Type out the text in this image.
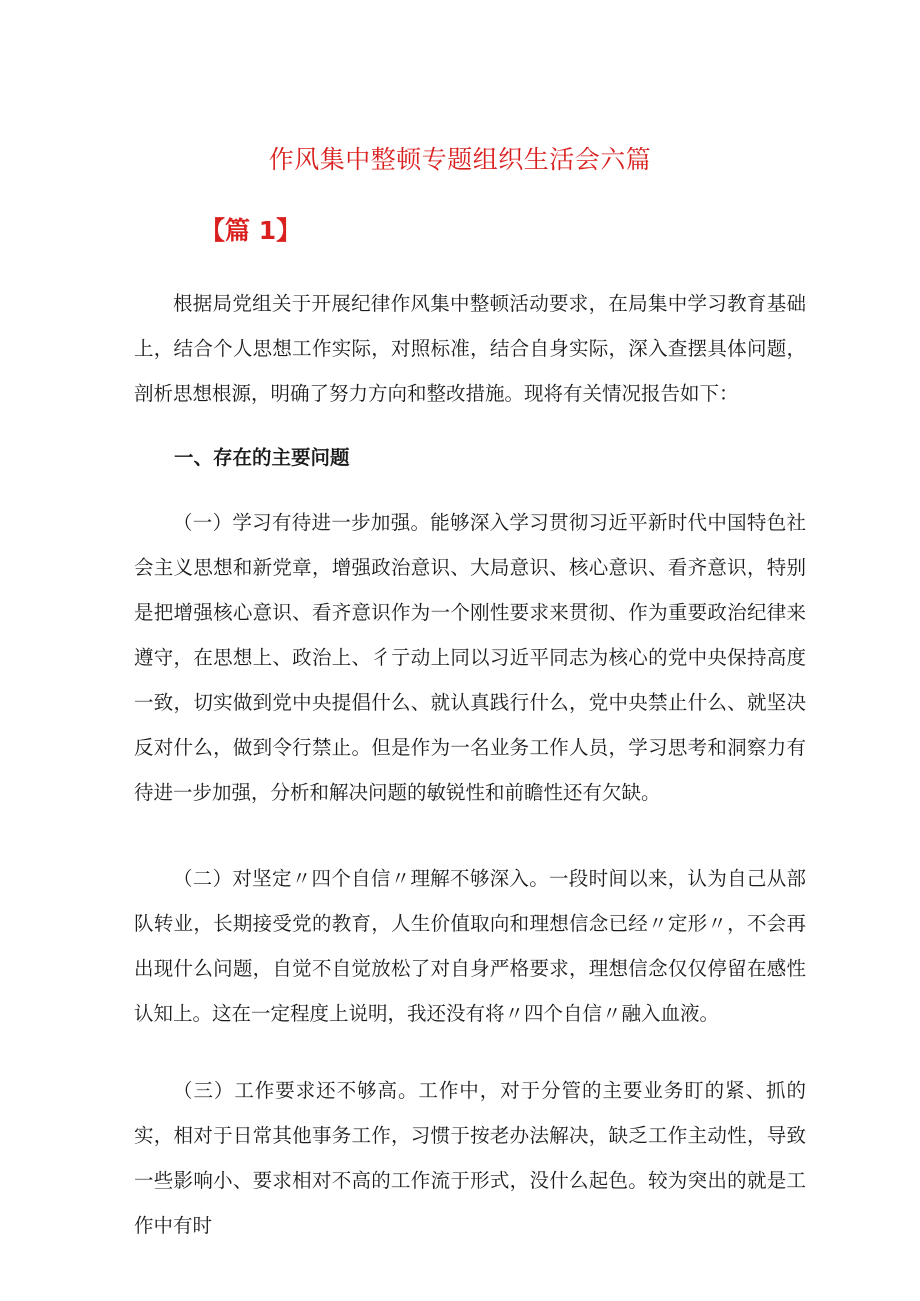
作风集中整顿专题组织生活会六篇
【篇 1】

根据局党组关于开展纪律作风集中整顿活动要求，在局集中学习教育基础上，结合个人思想工作实际，对照标准，结合自身实际，深入查摆具体问题，剖析思想根源，明确了努力方向和整改措施。现将有关情况报告如下：

一、存在的主要问题

（一）学习有待进一步加强。能够深入学习贯彻习近平新时代中国特色社会主义思想和新党章，增强政治意识、大局意识、核心意识、看齐意识，特别是把增强核心意识、看齐意识作为一个刚性要求来贯彻、作为重要政治纪律来遵守，在思想上、政治上、彳亍动上同以习近平同志为核心的党中央保持高度一致，切实做到党中央提倡什么、就认真践行什么，党中央禁止什么、就坚决反对什么，做到令行禁止。但是作为一名业务工作人员，学习思考和洞察力有待进一步加强，分析和解决问题的敏锐性和前瞻性还有欠缺。

（二）对坚定〃四个自信〃理解不够深入。一段时间以来，认为自己从部队转业，长期接受党的教育，人生价值取向和理想信念已经〃定形〃，不会再出现什么问题，自觉不自觉放松了对自身严格要求，理想信念仅仅停留在感性认知上。这在一定程度上说明，我还没有将〃四个自信〃融入血液。

（三）工作要求还不够高。工作中，对于分管的主要业务盯的紧、抓的实，相对于日常其他事务工作，习惯于按老办法解决，缺乏工作主动性，导致一些影响小、要求相对不高的工作流于形式，没什么起色。较为突出的就是工作中有时
